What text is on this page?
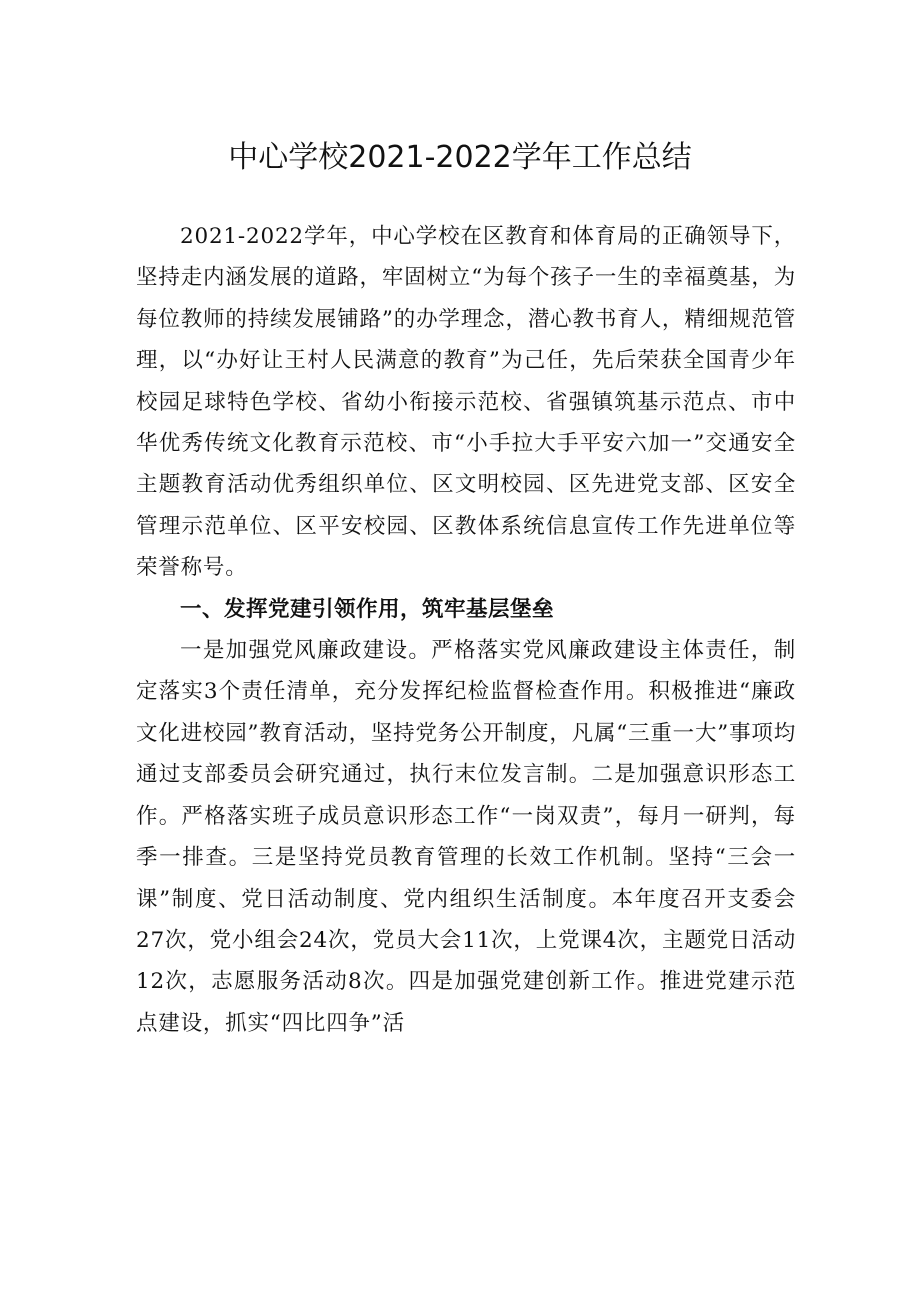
中心学校2021-2022学年工作总结

2021-2022学年，中心学校在区教育和体育局的正确领导下，坚持走内涵发展的道路，牢固树立“为每个孩子一生的幸福奠基，为每位教师的持续发展铺路”的办学理念，潜心教书育人，精细规范管理，以“办好让王村人民满意的教育”为己任，先后荣获全国青少年校园足球特色学校、省幼小衔接示范校、省强镇筑基示范点、市中华优秀传统文化教育示范校、市“小手拉大手平安六加一”交通安全主题教育活动优秀组织单位、区文明校园、区先进党支部、区安全管理示范单位、区平安校园、区教体系统信息宣传工作先进单位等荣誉称号。

一、发挥党建引领作用，筑牢基层堡垒

一是加强党风廉政建设。严格落实党风廉政建设主体责任，制定落实3个责任清单，充分发挥纪检监督检查作用。积极推进“廉政文化进校园”教育活动，坚持党务公开制度，凡属“三重一大”事项均通过支部委员会研究通过，执行末位发言制。二是加强意识形态工作。严格落实班子成员意识形态工作“一岗双责”，每月一研判，每季一排查。三是坚持党员教育管理的长效工作机制。坚持“三会一课”制度、党日活动制度、党内组织生活制度。本年度召开支委会27次，党小组会24次，党员大会11次，上党课4次，主题党日活动12次，志愿服务活动8次。四是加强党建创新工作。推进党建示范点建设，抓实“四比四争”活
